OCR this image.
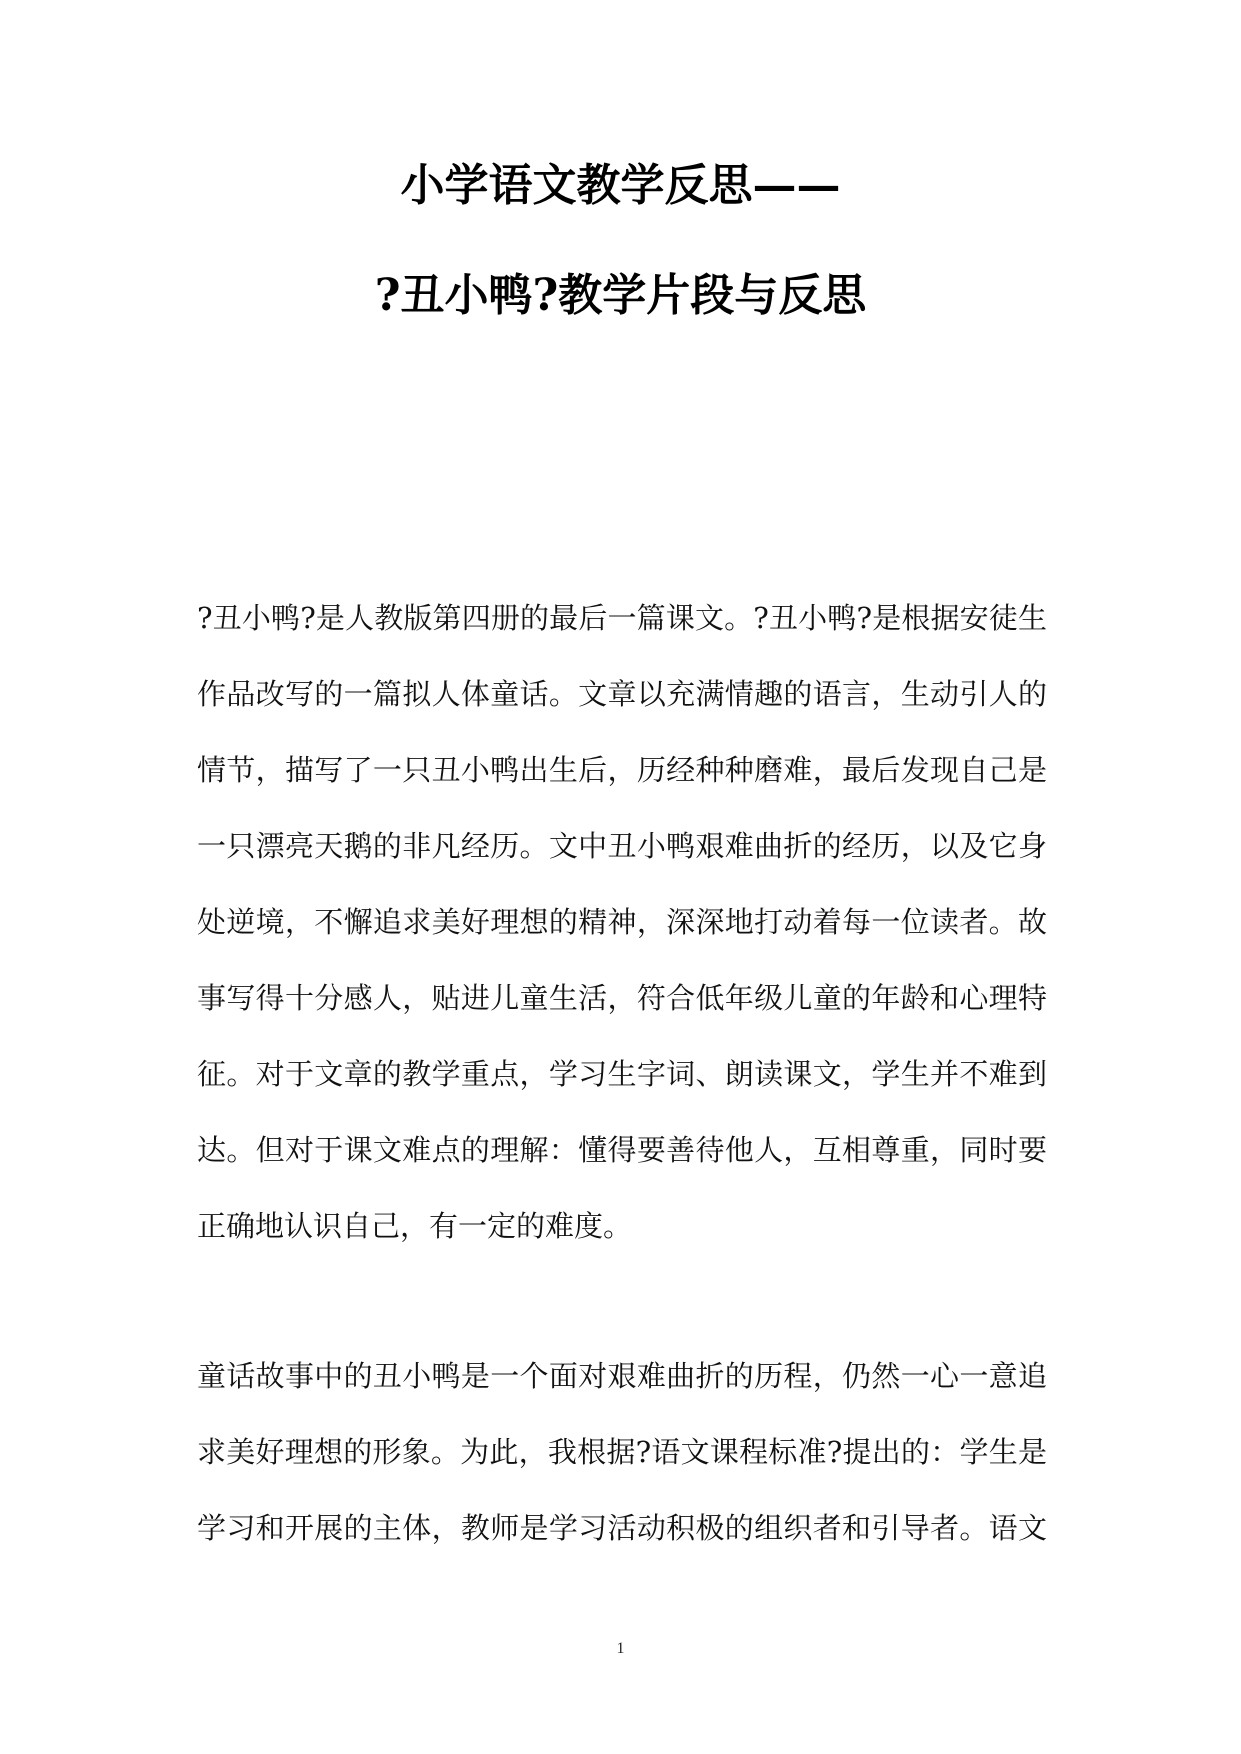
小学语文教学反思——
?丑小鸭?教学片段与反思
?丑小鸭?是人教版第四册的最后一篇课文。?丑小鸭?是根据安徒生
作品改写的一篇拟人体童话。文章以充满情趣的语言，生动引人的
情节，描写了一只丑小鸭出生后，历经种种磨难，最后发现自己是
一只漂亮天鹅的非凡经历。文中丑小鸭艰难曲折的经历，以及它身
处逆境，不懈追求美好理想的精神，深深地打动着每一位读者。故
事写得十分感人，贴进儿童生活，符合低年级儿童的年龄和心理特
征。对于文章的教学重点，学习生字词、朗读课文，学生并不难到
达。但对于课文难点的理解：懂得要善待他人，互相尊重，同时要
正确地认识自己，有一定的难度。
童话故事中的丑小鸭是一个面对艰难曲折的历程，仍然一心一意追
求美好理想的形象。为此，我根据?语文课程标准?提出的：学生是
学习和开展的主体，教师是学习活动积极的组织者和引导者。语文
1
